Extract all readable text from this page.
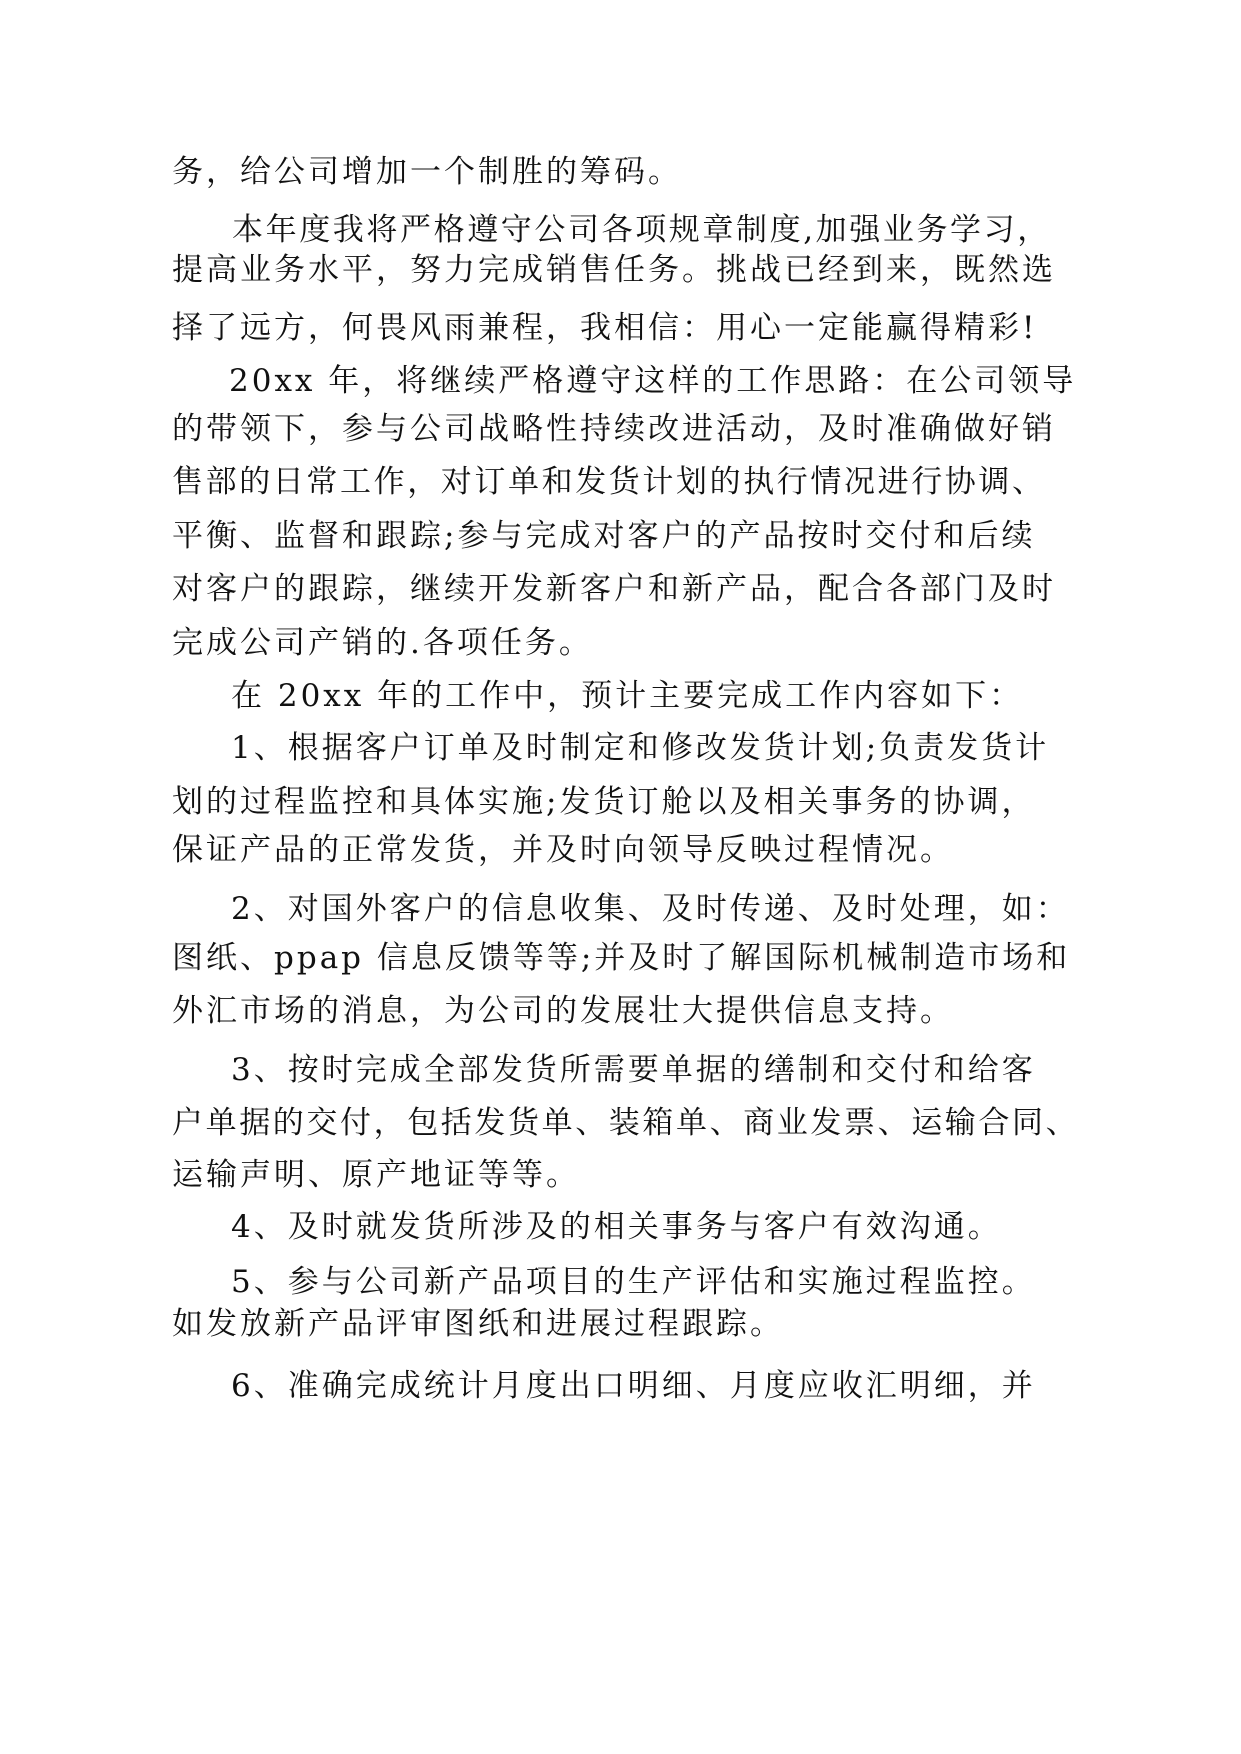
务，给公司增加一个制胜的筹码。
本年度我将严格遵守公司各项规章制度,加强业务学习，
提高业务水平，努力完成销售任务。挑战已经到来，既然选
择了远方，何畏风雨兼程，我相信：用心一定能赢得精彩!
20xx 年，将继续严格遵守这样的工作思路：在公司领导
的带领下，参与公司战略性持续改进活动，及时准确做好销
售部的日常工作，对订单和发货计划的执行情况进行协调、
平衡、监督和跟踪;参与完成对客户的产品按时交付和后续
对客户的跟踪，继续开发新客户和新产品，配合各部门及时
完成公司产销的.各项任务。
在 20xx 年的工作中，预计主要完成工作内容如下：
1、根据客户订单及时制定和修改发货计划;负责发货计
划的过程监控和具体实施;发货订舱以及相关事务的协调，
保证产品的正常发货，并及时向领导反映过程情况。
2、对国外客户的信息收集、及时传递、及时处理，如：
图纸、ppap 信息反馈等等;并及时了解国际机械制造市场和
外汇市场的消息，为公司的发展壮大提供信息支持。
3、按时完成全部发货所需要单据的缮制和交付和给客
户单据的交付，包括发货单、装箱单、商业发票、运输合同、
运输声明、原产地证等等。
4、及时就发货所涉及的相关事务与客户有效沟通。
5、参与公司新产品项目的生产评估和实施过程监控。
如发放新产品评审图纸和进展过程跟踪。
6、准确完成统计月度出口明细、月度应收汇明细，并
